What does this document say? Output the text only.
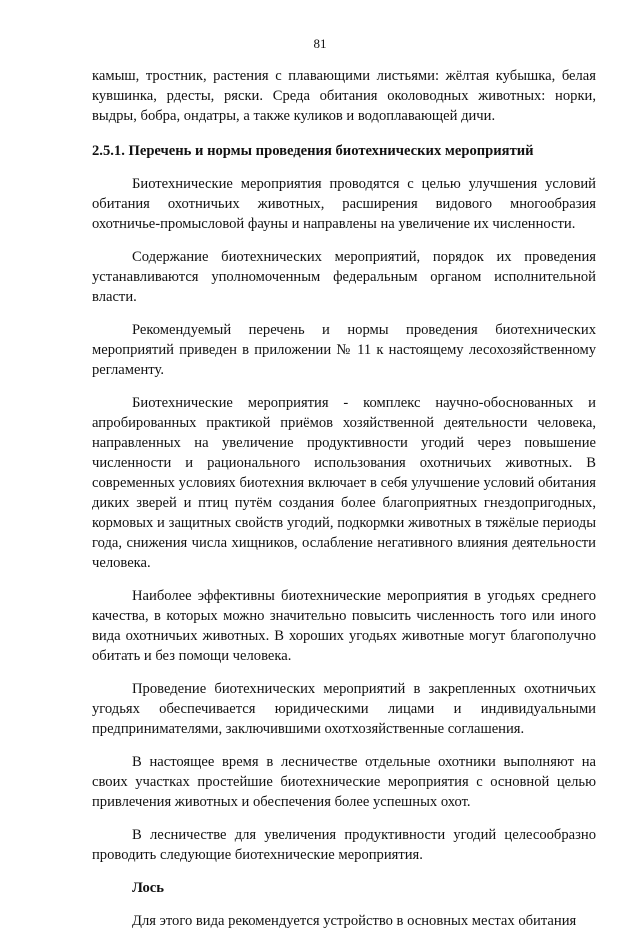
81

камыш, тростник, растения с плавающими листьями: жёлтая кубышка, белая кувшинка, рдесты, ряски. Среда обитания околоводных животных: норки, выдры, бобра, ондатры, а также куликов и водоплавающей дичи.

2.5.1. Перечень и нормы проведения биотехнических мероприятий

Биотехнические мероприятия проводятся с целью улучшения условий обитания охотничьих животных, расширения видового многообразия охотничье-промысловой фауны и направлены на увеличение их численности.

Содержание биотехнических мероприятий, порядок их проведения устанавливаются уполномоченным федеральным органом исполнительной власти.

Рекомендуемый перечень и нормы проведения биотехнических мероприятий приведен в приложении № 11 к настоящему лесохозяйственному регламенту.

Биотехнические мероприятия - комплекс научно-обоснованных и апробированных практикой приёмов хозяйственной деятельности человека, направленных на увеличение продуктивности угодий через повышение численности и рационального использования охотничьих животных. В современных условиях биотехния включает в себя улучшение условий обитания диких зверей и птиц путём создания более благоприятных гнездопригодных, кормовых и защитных свойств угодий, подкормки животных в тяжёлые периоды года, снижения числа хищников, ослабление негативного влияния деятельности человека.

Наиболее эффективны биотехнические мероприятия в угодьях среднего качества, в которых можно значительно повысить численность того или иного вида охотничьих животных. В хороших угодьях животные могут благополучно обитать и без помощи человека.

Проведение биотехнических мероприятий в закрепленных охотничьих угодьях обеспечивается юридическими лицами и индивидуальными предпринимателями, заключившими охотхозяйственные соглашения.

В настоящее время в лесничестве отдельные охотники выполняют на своих участках простейшие биотехнические мероприятия с основной целью привлечения животных и обеспечения более успешных охот.

В лесничестве для увеличения продуктивности угодий целесообразно проводить следующие биотехнические мероприятия.

Лось

Для этого вида рекомендуется устройство в основных местах обитания
